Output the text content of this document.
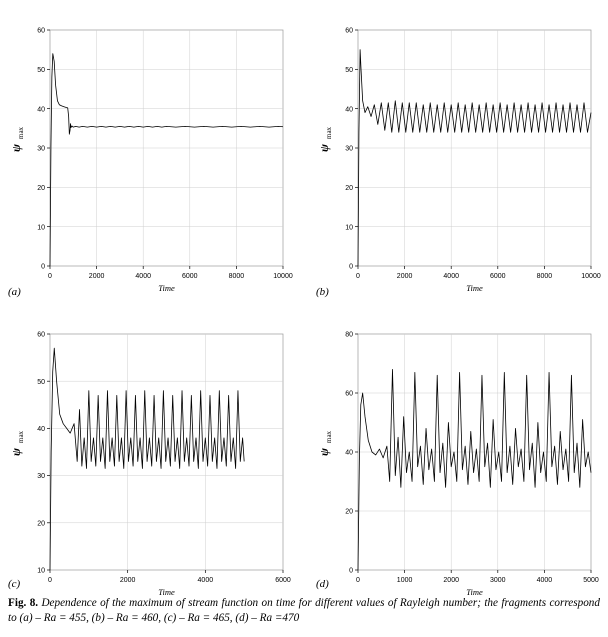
0
10
20
30
40
50
60
0	2000	4000	6000	8000	10000
Time
ψ
max
(a)
0
10
20
30
40
50
60
0	2000	4000	6000	8000	10000
Time
ψ
max
(b)
10
20
30
40
50
60
0	2000	4000	6000
Time
ψ
max
(c)
0
20
40
60
80
0	1000	2000	3000	4000	5000
Time
ψ
max
(d)
Fig. 8. Dependence of the maximum of stream function on time for different values of Rayleigh number; the fragments correspond to (a) – Ra = 455, (b) – Ra = 460, (c) – Ra = 465, (d) – Ra =470
